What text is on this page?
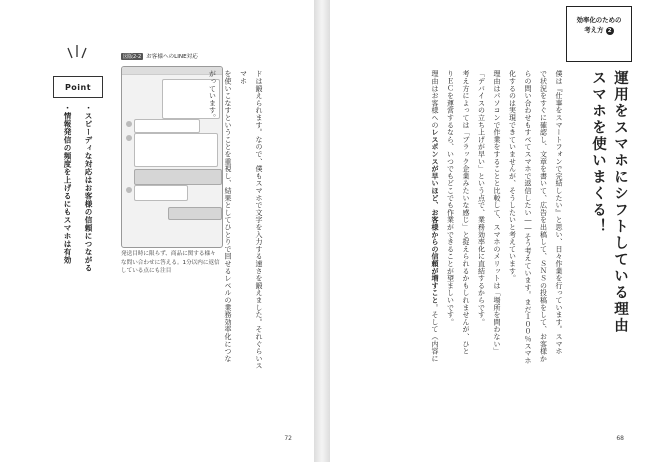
Point
・スピーディな対応はお客様の信頼につながる
・情報発信の頻度を上げるにもスマホは有効
図版2-2 お客様へのLINE対応
発送目時に限らず、商品に関する様々な問い合わせに答える。1分以内に返信している点にも注目	ドは鍛えられます。なので、僕もスマホで文字を入力する速さを鍛えました。それぐらいスマホ
を使いこなすということを重視し、結果としてひとりで回せるレベルの業務効率化につな
がっています。
72
効率化のための
考え方 2
スマホを使いまくる！ 運用をスマホにシフトしている理由
僕は『仕事をスマートフォンで完結したい』と思い、日々作業を行っています。スマホ
で状況をすぐに確認し、文章を書いて、広告を出稿して、ＳＮＳの投稿をして、お客様か
らの問い合わせもすべてスマホで返信したい――そう考えています。まだ１００％スマホ
化するのは実現できていませんが、そうしたいと考えています。
理由はパソコンで作業をすることと比較して、スマホのメリットは「場所を問わない」
「デバイスの立ち上げが早い」という点で、業務効率化に直結するからです。
考え方によっては「ブラック企業みたいな感じ」と捉えられるかもしれませんが、ひと
りＥＣを運営するなら、いつでもどこでも作業ができることが望ましいです。
理由はお客様へのレスポンスが早いほど、お客様からの信頼が増すこと。そして（内容に
68
